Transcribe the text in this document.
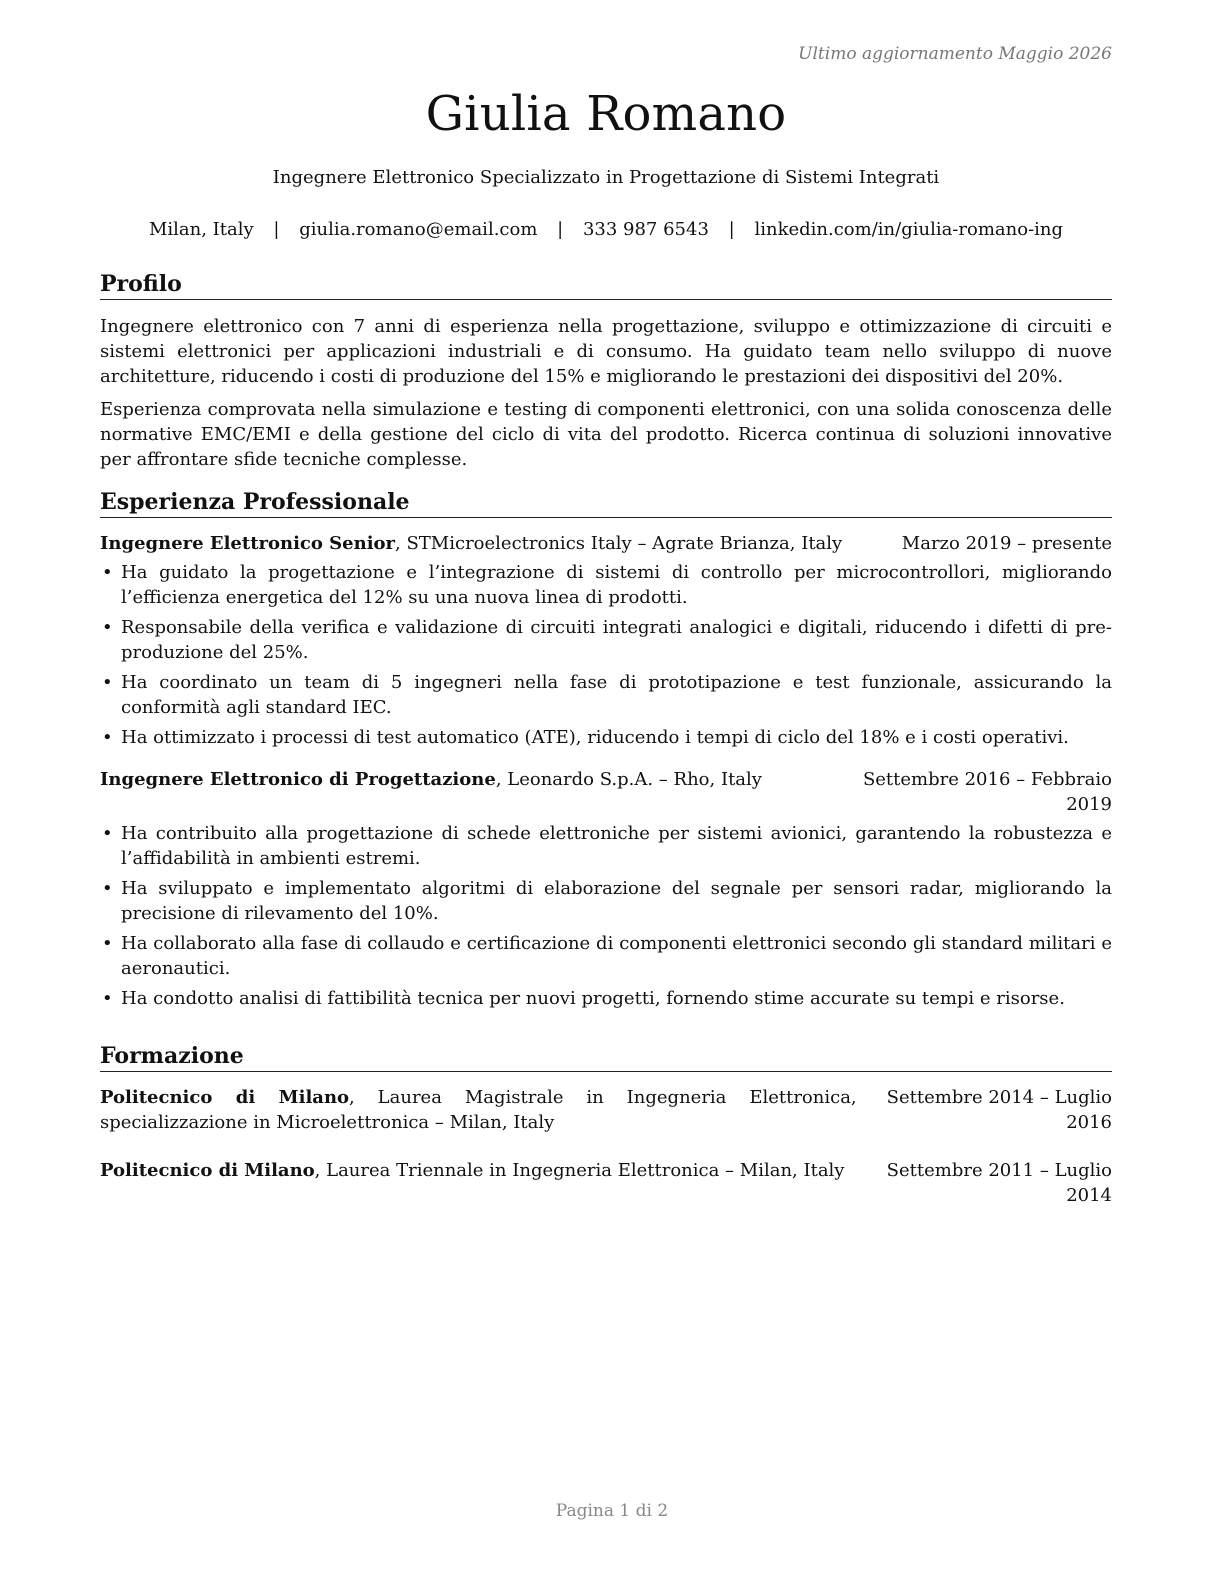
Ultimo aggiornamento Maggio 2026
Giulia Romano
Ingegnere Elettronico Specializzato in Progettazione di Sistemi Integrati
Milan, Italy | giulia.romano@email.com | 333 987 6543 | linkedin.com/in/giulia-romano-ing
Profilo

Ingegnere elettronico con 7 anni di esperienza nella progettazione, sviluppo e ottimizzazione di circuiti e sistemi elettronici per applicazioni industriali e di consumo. Ha guidato team nello sviluppo di nuove architetture, riducendo i costi di produzione del 15% e migliorando le prestazioni dei dispositivi del 20%.

Esperienza comprovata nella simulazione e testing di componenti elettronici, con una solida conoscenza delle normative EMC/EMI e della gestione del ciclo di vita del prodotto. Ricerca continua di soluzioni innovative per affrontare sfide tecniche complesse.

Esperienza Professionale
Ingegnere Elettronico Senior, STMicroelectronics Italy – Agrate Brianza, Italy	Marzo 2019 – presente
• Ha guidato la progettazione e l’integrazione di sistemi di controllo per microcontrollori, migliorando l’efficienza energetica del 12% su una nuova linea di prodotti.
• Responsabile della verifica e validazione di circuiti integrati analogici e digitali, riducendo i difetti di pre-produzione del 25%.
• Ha coordinato un team di 5 ingegneri nella fase di prototipazione e test funzionale, assicurando la conformità agli standard IEC.
• Ha ottimizzato i processi di test automatico (ATE), riducendo i tempi di ciclo del 18% e i costi operativi.
Ingegnere Elettronico di Progettazione, Leonardo S.p.A. – Rho, Italy	Settembre 2016 – Febbraio
2019
• Ha contribuito alla progettazione di schede elettroniche per sistemi avionici, garantendo la robustezza e l’affidabilità in ambienti estremi.
• Ha sviluppato e implementato algoritmi di elaborazione del segnale per sensori radar, migliorando la precisione di rilevamento del 10%.
• Ha collaborato alla fase di collaudo e certificazione di componenti elettronici secondo gli standard militari e aeronautici.
• Ha condotto analisi di fattibilità tecnica per nuovi progetti, fornendo stime accurate su tempi e risorse.
Formazione
Politecnico di Milano, Laurea Magistrale in Ingegneria Elettronica, specializzazione in Microelettronica – Milan, Italy
Settembre 2014 – Luglio
2016
Politecnico di Milano, Laurea Triennale in Ingegneria Elettronica – Milan, Italy	Settembre 2011 – Luglio
2014
Pagina 1 di 2
